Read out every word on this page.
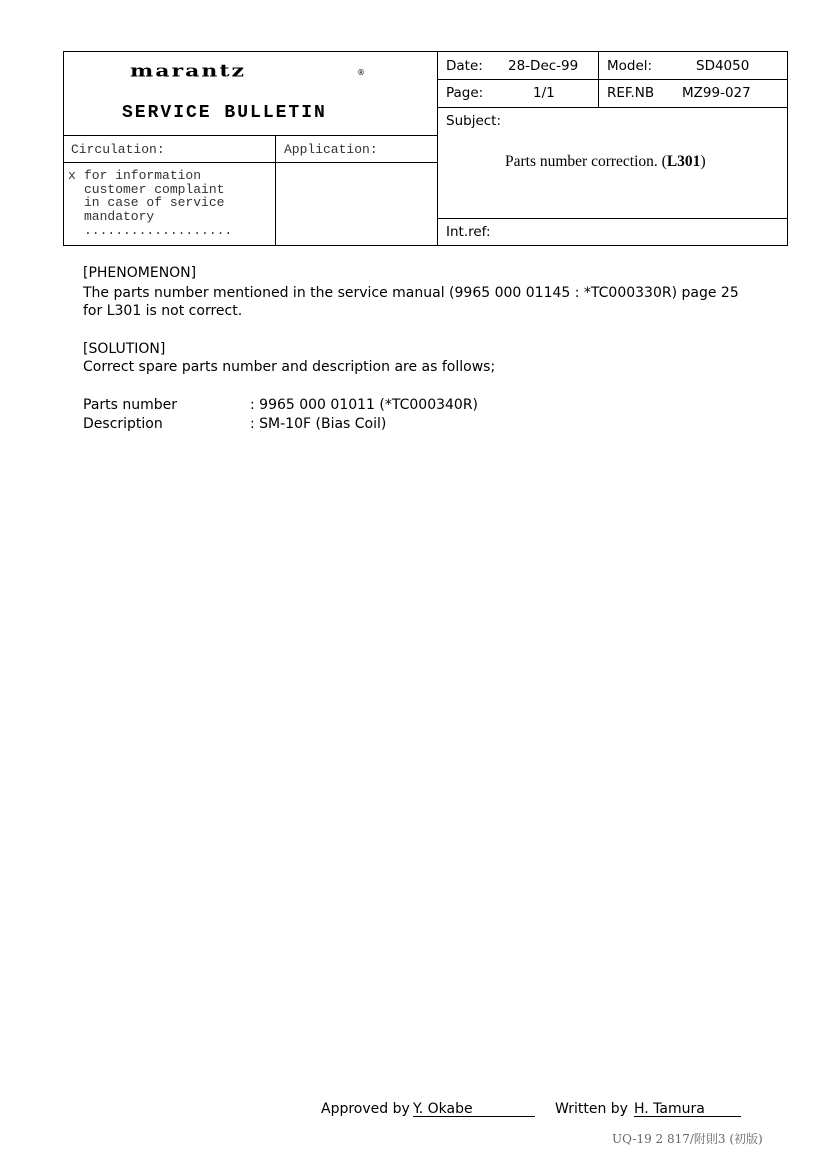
marantz	®
SERVICE BULLETIN
Date: 28-Dec-99 Model:	SD4050
Page:	1/1	REF.NB MZ99-027
Subject:
Parts number correction. (L301)
Circulation:	Application:
x for information
customer complaint
in case of service
mandatory
...................	Int.ref:
[PHENOMENON]
The parts number mentioned in the service manual (9965 000 01145 : *TC000330R) page 25
for L301 is not correct.
[SOLUTION]
Correct spare parts number and description are as follows;
Parts number	: 9965 000 01011 (*TC000340R)
Description	: SM-10F (Bias Coil)
Approved by Y. Okabe	Written by H. Tamura
UQ-19 2 817/附則3 (初版)
